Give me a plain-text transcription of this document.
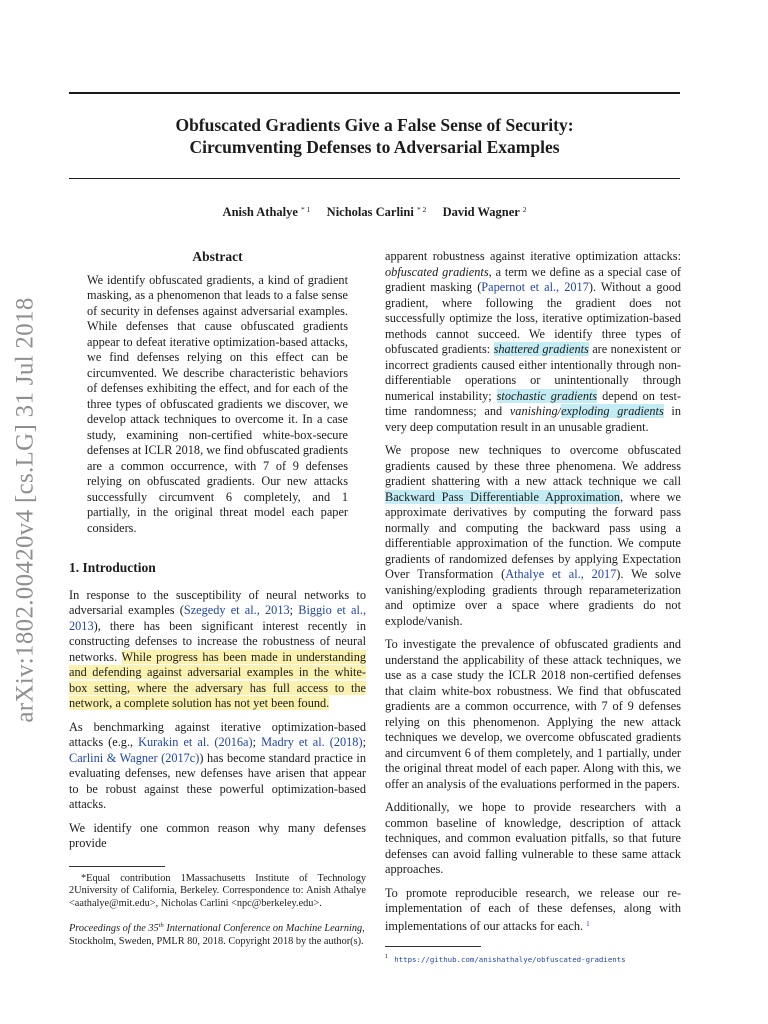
Obfuscated Gradients Give a False Sense of Security:
Circumventing Defenses to Adversarial Examples
Anish Athalye $^{* 1}$ Nicholas Carlini $^{* 2}$ David Wagner $^2$
arXiv:1802.00420v4 [cs.LG] 31 Jul 2018
Abstract

We identify obfuscated gradients, a kind of gradient masking, as a phenomenon that leads to a false sense of security in defenses against adversarial examples. While defenses that cause obfuscated gradients appear to defeat iterative optimization-based attacks, we find defenses relying on this effect can be circumvented. We describe characteristic behaviors of defenses exhibiting the effect, and for each of the three types of obfuscated gradients we discover, we develop attack techniques to overcome it. In a case study, examining non-certified white-box-secure defenses at ICLR 2018, we find obfuscated gradients are a common occurrence, with 7 of 9 defenses relying on obfuscated gradients. Our new attacks successfully circumvent 6 completely, and 1 partially, in the original threat model each paper considers.

1. Introduction

In response to the susceptibility of neural networks to adversarial examples (Szegedy et al., 2013; Biggio et al., 2013), there has been significant interest recently in constructing defenses to increase the robustness of neural networks. While progress has been made in understanding and defending against adversarial examples in the white-box setting, where the adversary has full access to the network, a complete solution has not yet been found.

As benchmarking against iterative optimization-based attacks (e.g., Kurakin et al. (2016a); Madry et al. (2018); Carlini & Wagner (2017c)) has become standard practice in evaluating defenses, new defenses have arisen that appear to be robust against these powerful optimization-based attacks.

We identify one common reason why many defenses provide

*Equal contribution 1Massachusetts Institute of Technology 2University of California, Berkeley. Correspondence to: Anish Athalye <aathalye@mit.edu>, Nicholas Carlini <npc@berkeley.edu>.

Proceedings of the 35th International Conference on Machine Learning, Stockholm, Sweden, PMLR 80, 2018. Copyright 2018 by the author(s).

apparent robustness against iterative optimization attacks: obfuscated gradients, a term we define as a special case of gradient masking (Papernot et al., 2017). Without a good gradient, where following the gradient does not successfully optimize the loss, iterative optimization-based methods cannot succeed. We identify three types of obfuscated gradients: shattered gradients are nonexistent or incorrect gradients caused either intentionally through non-differentiable operations or unintentionally through numerical instability; stochastic gradients depend on test-time randomness; and vanishing/exploding gradients in very deep computation result in an unusable gradient.

We propose new techniques to overcome obfuscated gradients caused by these three phenomena. We address gradient shattering with a new attack technique we call Backward Pass Differentiable Approximation, where we approximate derivatives by computing the forward pass normally and computing the backward pass using a differentiable approximation of the function. We compute gradients of randomized defenses by applying Expectation Over Transformation (Athalye et al., 2017). We solve vanishing/exploding gradients through reparameterization and optimize over a space where gradients do not explode/vanish.

To investigate the prevalence of obfuscated gradients and understand the applicability of these attack techniques, we use as a case study the ICLR 2018 non-certified defenses that claim white-box robustness. We find that obfuscated gradients are a common occurrence, with 7 of 9 defenses relying on this phenomenon. Applying the new attack techniques we develop, we overcome obfuscated gradients and circumvent 6 of them completely, and 1 partially, under the original threat model of each paper. Along with this, we offer an analysis of the evaluations performed in the papers.

Additionally, we hope to provide researchers with a common baseline of knowledge, description of attack techniques, and common evaluation pitfalls, so that future defenses can avoid falling vulnerable to these same attack approaches.

To promote reproducible research, we release our re-implementation of each of these defenses, along with implementations of our attacks for each. $^1$

$^1$ https://github.com/anishathalye/obfuscated-gradients
